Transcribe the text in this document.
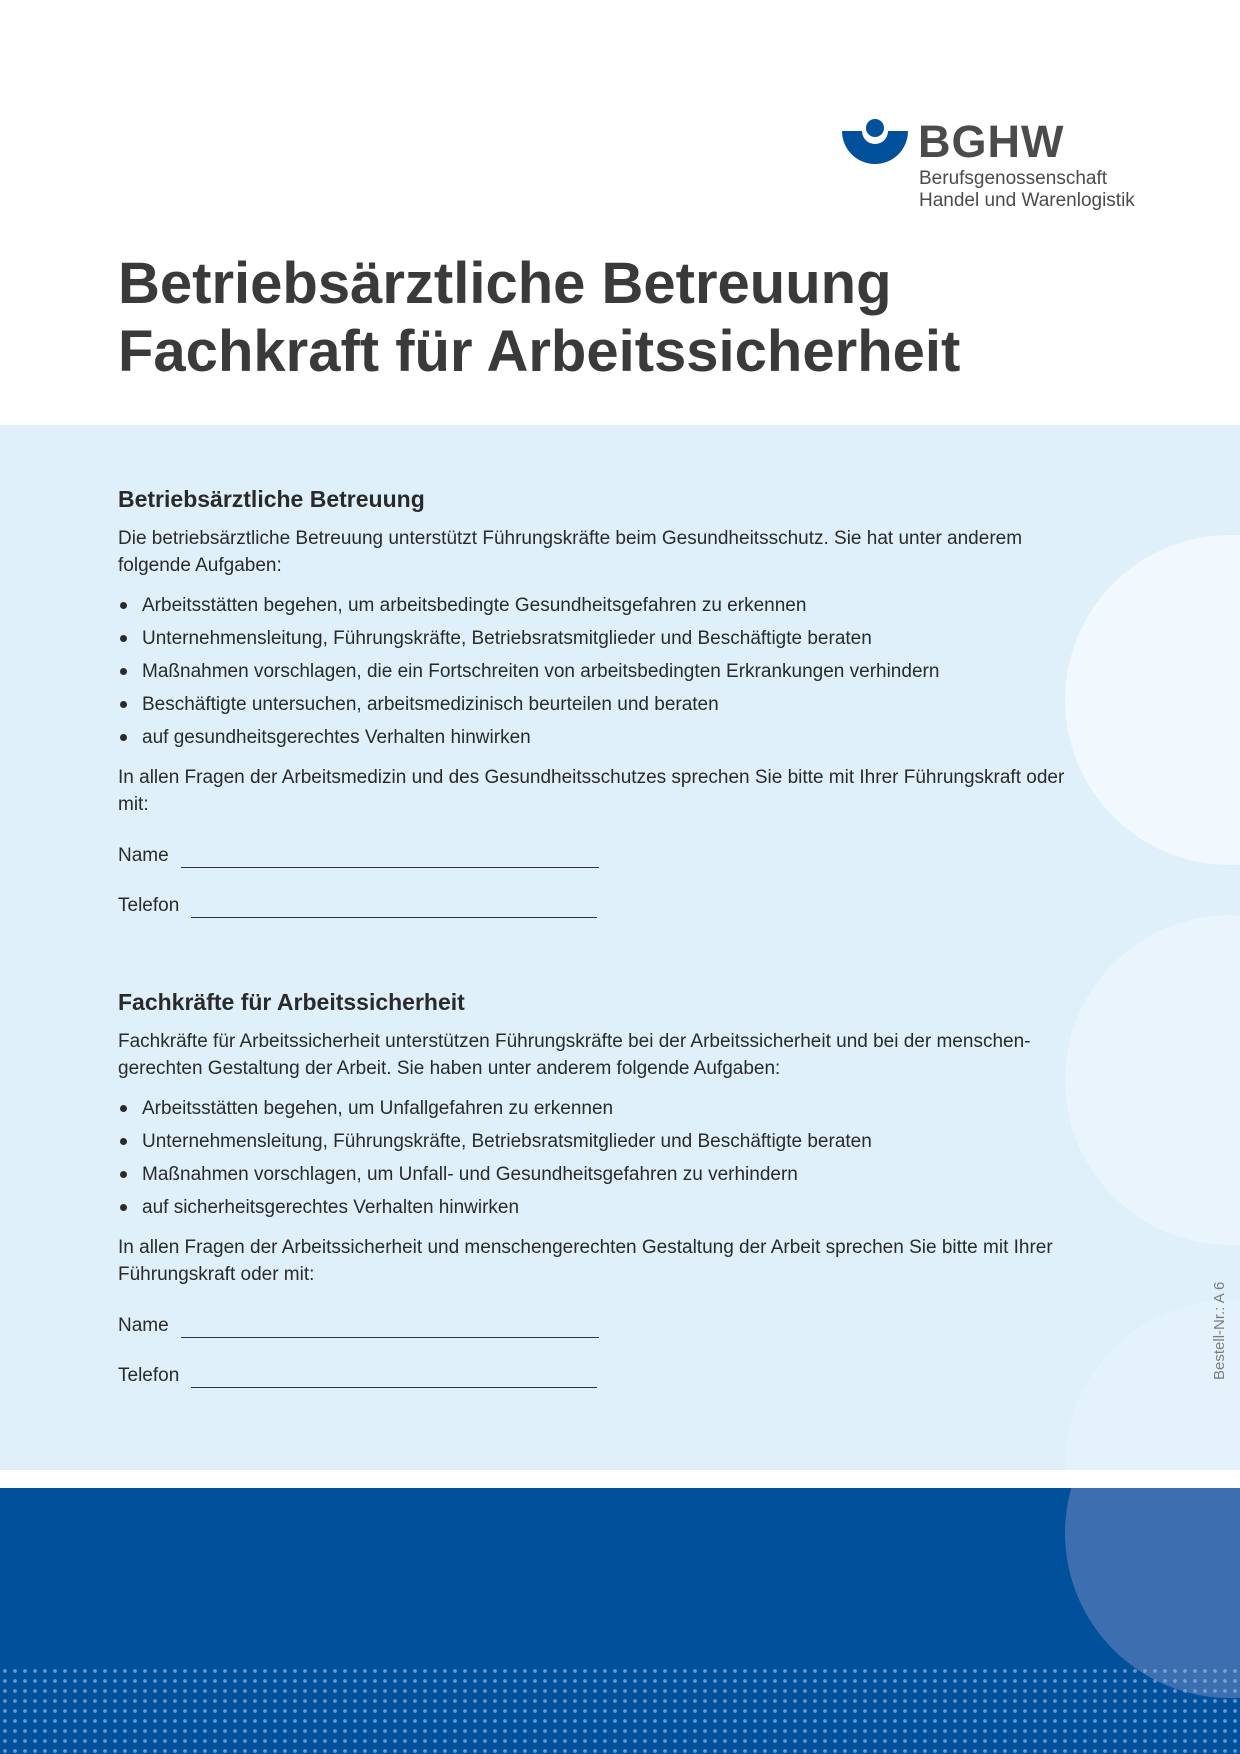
BGHW
Berufsgenossenschaft
Handel und Warenlogistik
Betriebsärztliche Betreuung
Fachkraft für Arbeitssicherheit
Betriebsärztliche Betreuung

Die betriebsärztliche Betreuung unterstützt Führungskräfte beim Gesundheitsschutz. Sie hat unter anderem folgende Aufgaben:

Arbeitsstätten begehen, um arbeitsbedingte Gesundheitsgefahren zu erkennen
Unternehmensleitung, Führungskräfte, Betriebsratsmitglieder und Beschäftigte beraten
Maßnahmen vorschlagen, die ein Fortschreiten von arbeitsbedingten Erkrankungen verhindern
Beschäftigte untersuchen, arbeitsmedizinisch beurteilen und beraten
auf gesundheitsgerechtes Verhalten hinwirken

In allen Fragen der Arbeitsmedizin und des Gesundheitsschutzes sprechen Sie bitte mit Ihrer Führungskraft oder mit:

Name
Telefon
Fachkräfte für Arbeitssicherheit

Fachkräfte für Arbeitssicherheit unterstützen Führungskräfte bei der Arbeitssicherheit und bei der menschen-gerechten Gestaltung der Arbeit. Sie haben unter anderem folgende Aufgaben:

Arbeitsstätten begehen, um Unfallgefahren zu erkennen
Unternehmensleitung, Führungskräfte, Betriebsratsmitglieder und Beschäftigte beraten
Maßnahmen vorschlagen, um Unfall- und Gesundheitsgefahren zu verhindern
auf sicherheitsgerechtes Verhalten hinwirken

In allen Fragen der Arbeitssicherheit und menschengerechten Gestaltung der Arbeit sprechen Sie bitte mit Ihrer Führungskraft oder mit:

Name
Telefon	Bestell-Nr.: A 6
